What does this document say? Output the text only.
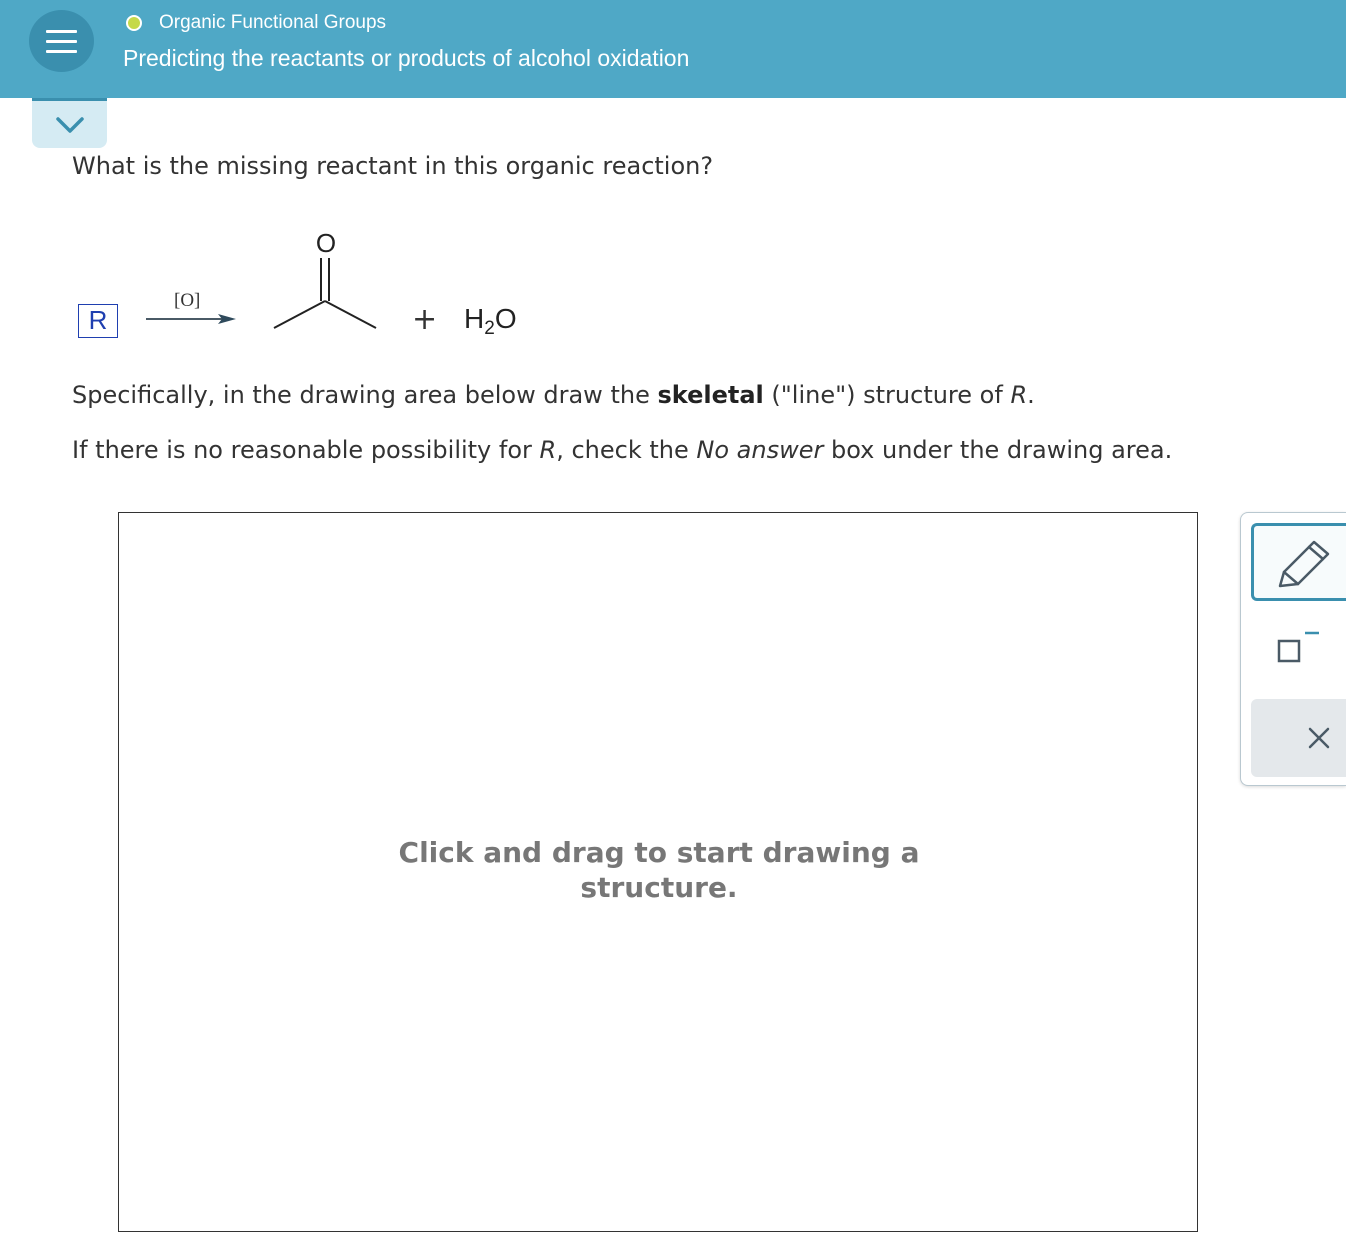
Organic Functional Groups
Predicting the reactants or products of alcohol oxidation
What is the missing reactant in this organic reaction?
R
[O]
O
+ $H_2O$
Specifically, in the drawing area below draw the skeletal ("line") structure of R.
If there is no reasonable possibility for R, check the No answer box under the drawing area.
Click and drag to start drawing a
structure.
